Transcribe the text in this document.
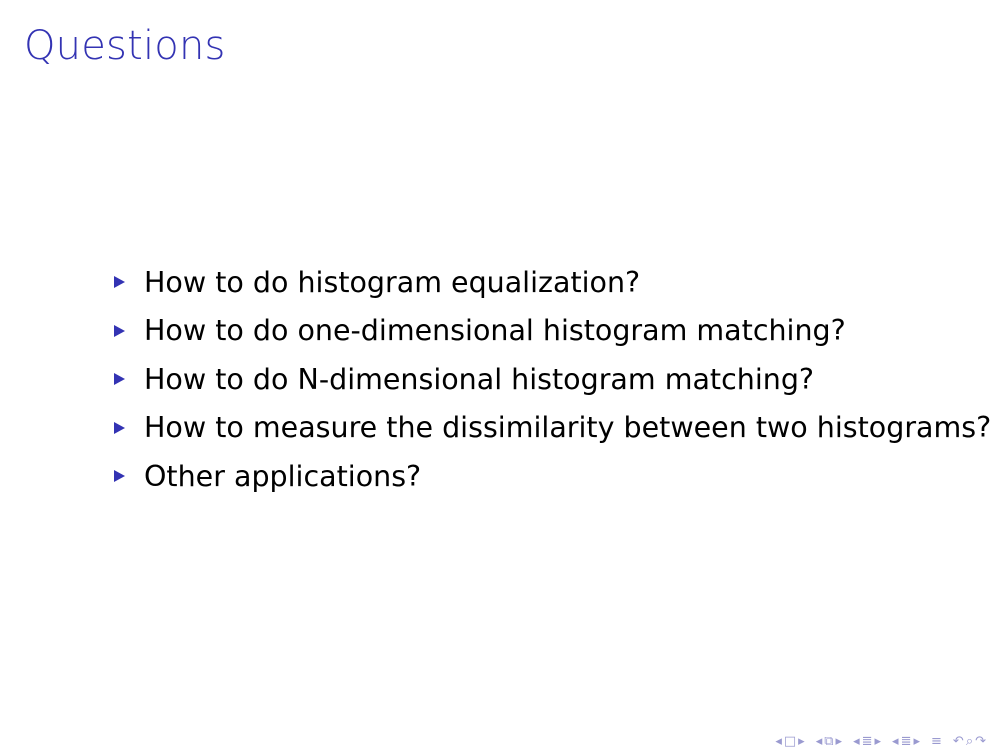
Questions
How to do histogram equalization?
How to do one-dimensional histogram matching?
How to do N-dimensional histogram matching?
How to measure the dissimilarity between two histograms?
Other applications?
◂ □ ▸ ◂ ⧉ ▸ ◂ ≣ ▸ ◂ ≣ ▸ ≡ ↶ ⌕ ↷
